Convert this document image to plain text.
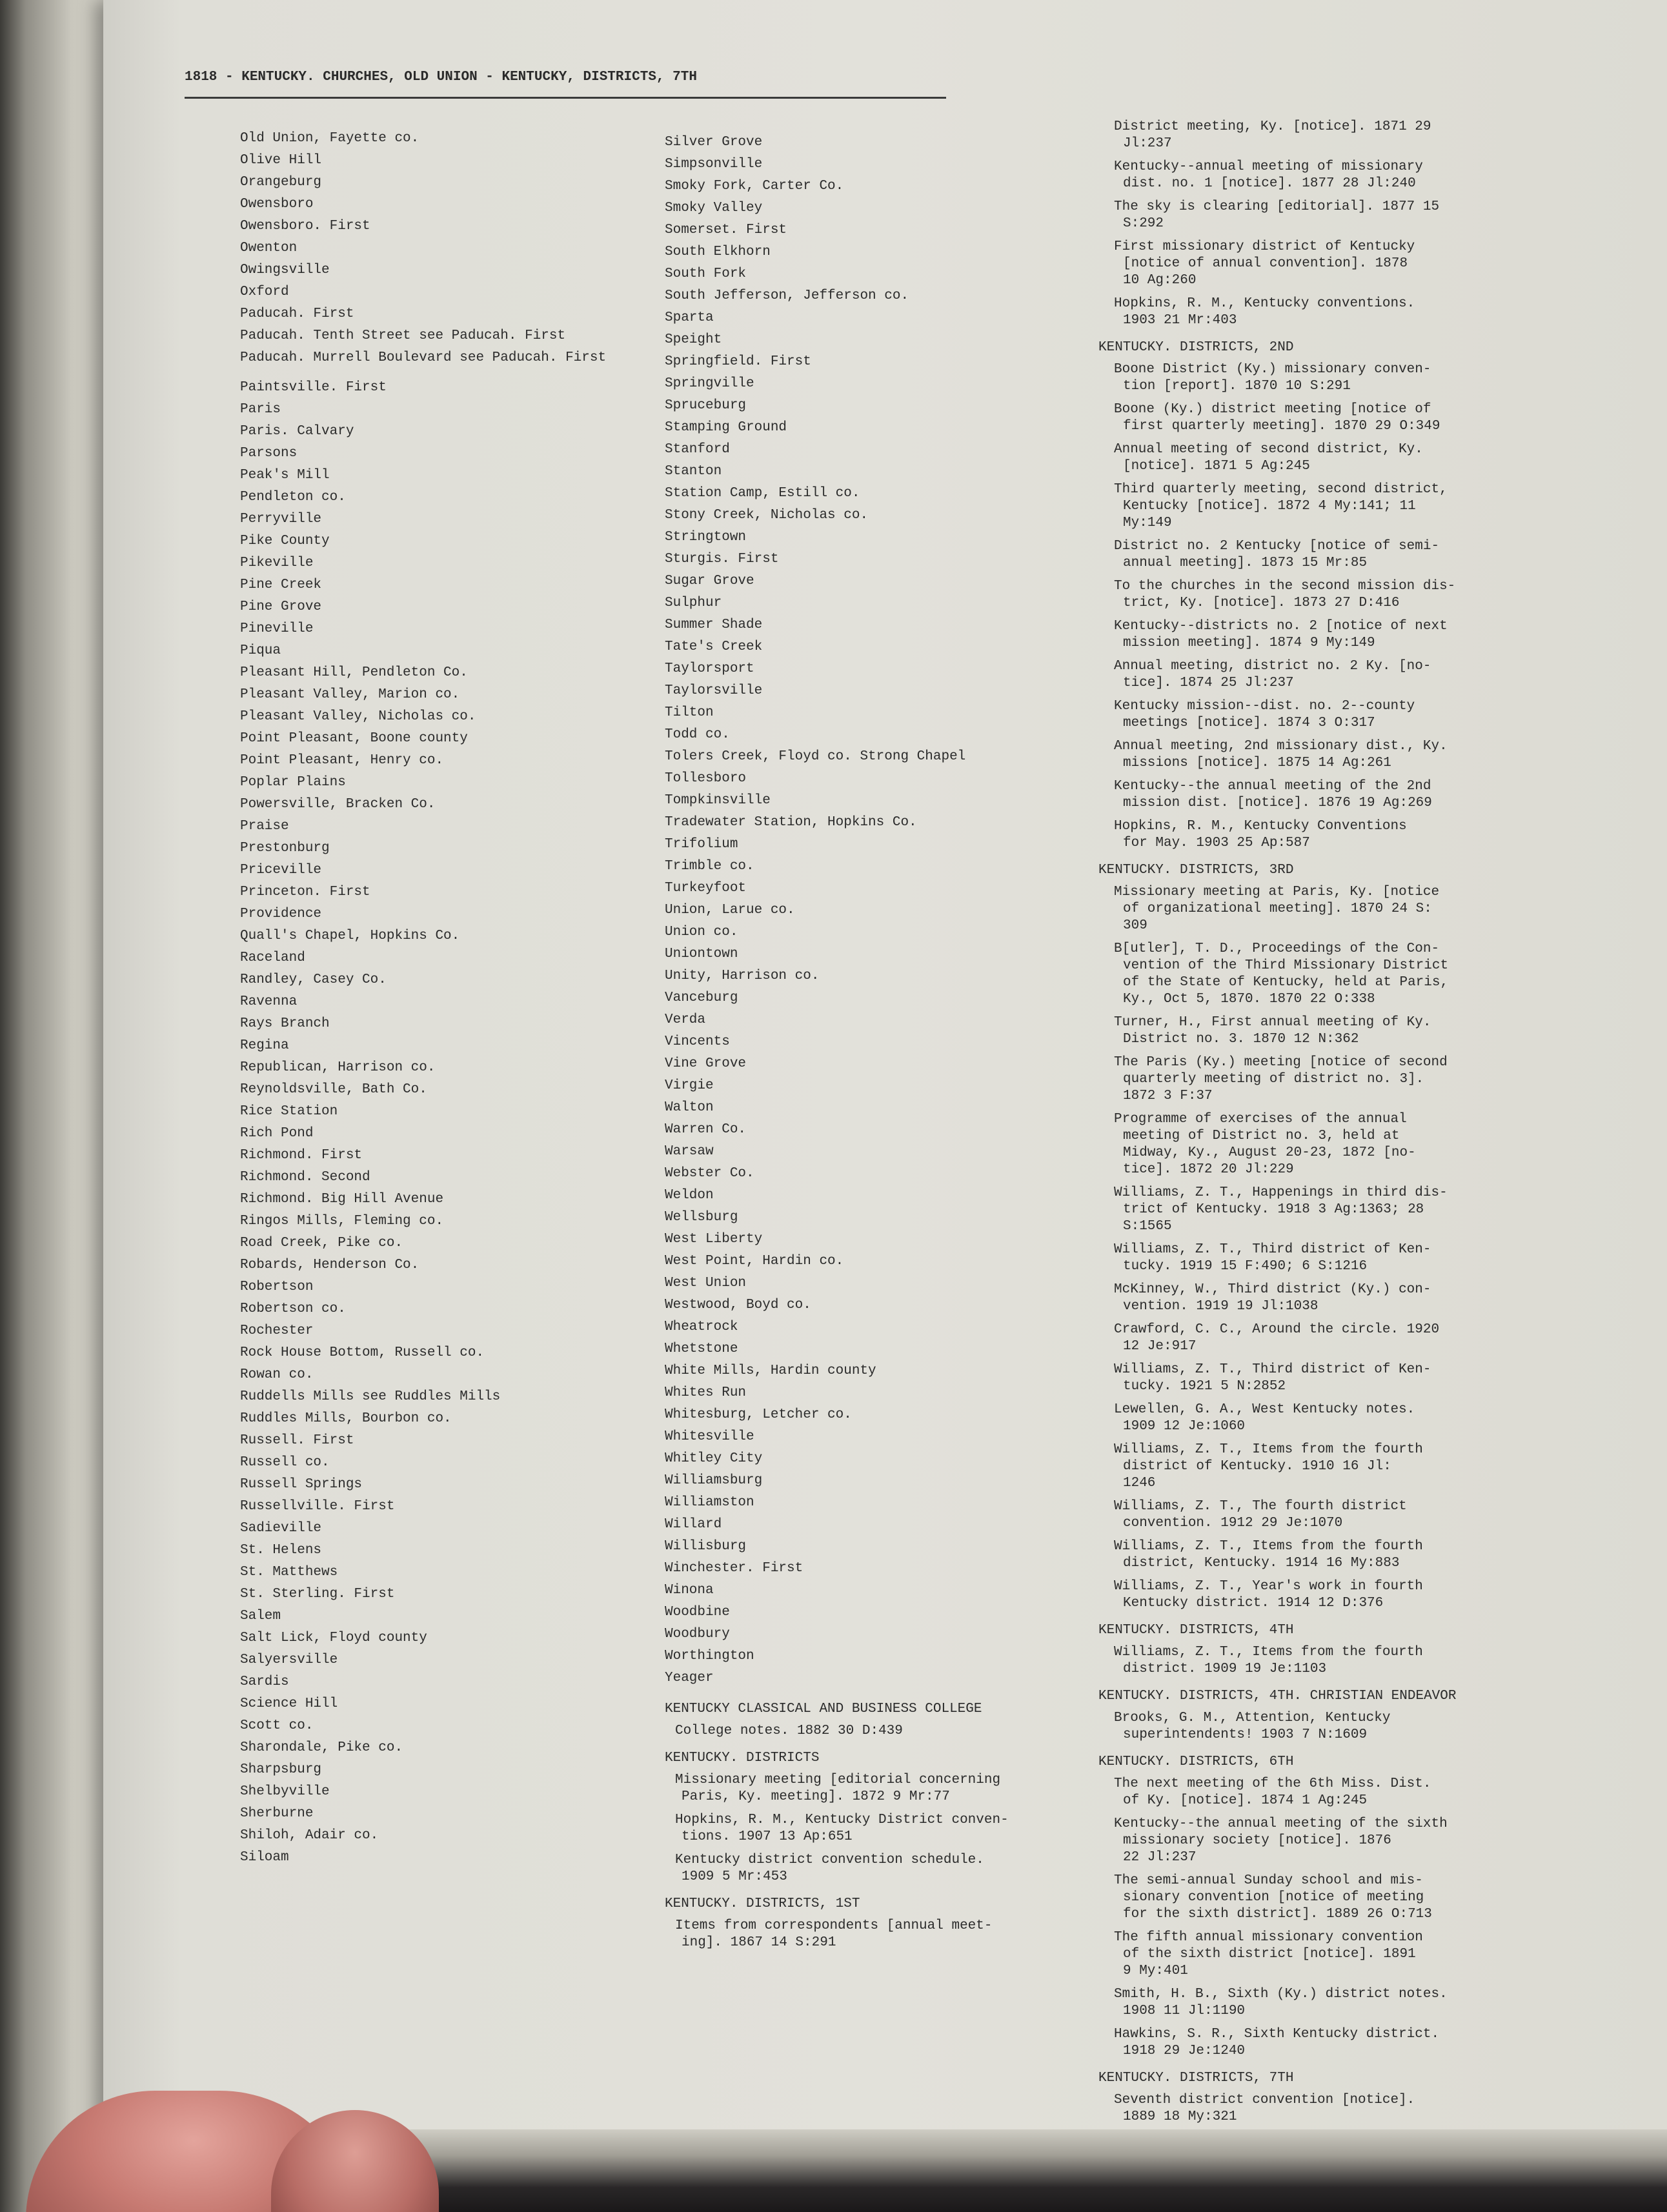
1818 - KENTUCKY. CHURCHES, OLD UNION - KENTUCKY, DISTRICTS, 7TH
Old Union, Fayette co.
Olive Hill
Orangeburg
Owensboro
Owensboro. First
Owenton
Owingsville
Oxford
Paducah. First
Paducah. Tenth Street see Paducah. First
Paducah. Murrell Boulevard see Paducah. First
Paintsville. First
Paris
Paris. Calvary
Parsons
Peak's Mill
Pendleton co.
Perryville
Pike County
Pikeville
Pine Creek
Pine Grove
Pineville
Piqua
Pleasant Hill, Pendleton Co.
Pleasant Valley, Marion co.
Pleasant Valley, Nicholas co.
Point Pleasant, Boone county
Point Pleasant, Henry co.
Poplar Plains
Powersville, Bracken Co.
Praise
Prestonburg
Priceville
Princeton. First
Providence
Quall's Chapel, Hopkins Co.
Raceland
Randley, Casey Co.
Ravenna
Rays Branch
Regina
Republican, Harrison co.
Reynoldsville, Bath Co.
Rice Station
Rich Pond
Richmond. First
Richmond. Second
Richmond. Big Hill Avenue
Ringos Mills, Fleming co.
Road Creek, Pike co.
Robards, Henderson Co.
Robertson
Robertson co.
Rochester
Rock House Bottom, Russell co.
Rowan co.
Ruddells Mills see Ruddles Mills
Ruddles Mills, Bourbon co.
Russell. First
Russell co.
Russell Springs
Russellville. First
Sadieville
St. Helens
St. Matthews
St. Sterling. First
Salem
Salt Lick, Floyd county
Salyersville
Sardis
Science Hill
Scott co.
Sharondale, Pike co.
Sharpsburg
Shelbyville
Sherburne
Shiloh, Adair co.
Siloam
Silver Grove
Simpsonville
Smoky Fork, Carter Co.
Smoky Valley
Somerset. First
South Elkhorn
South Fork
South Jefferson, Jefferson co.
Sparta
Speight
Springfield. First
Springville
Spruceburg
Stamping Ground
Stanford
Stanton
Station Camp, Estill co.
Stony Creek, Nicholas co.
Stringtown
Sturgis. First
Sugar Grove
Sulphur
Summer Shade
Tate's Creek
Taylorsport
Taylorsville
Tilton
Todd co.
Tolers Creek, Floyd co. Strong Chapel
Tollesboro
Tompkinsville
Tradewater Station, Hopkins Co.
Trifolium
Trimble co.
Turkeyfoot
Union, Larue co.
Union co.
Uniontown
Unity, Harrison co.
Vanceburg
Verda
Vincents
Vine Grove
Virgie
Walton
Warren Co.
Warsaw
Webster Co.
Weldon
Wellsburg
West Liberty
West Point, Hardin co.
West Union
Westwood, Boyd co.
Wheatrock
Whetstone
White Mills, Hardin county
Whites Run
Whitesburg, Letcher co.
Whitesville
Whitley City
Williamsburg
Williamston
Willard
Willisburg
Winchester. First
Winona
Woodbine
Woodbury
Worthington
Yeager
KENTUCKY CLASSICAL AND BUSINESS COLLEGE
College notes. 1882 30 D:439
KENTUCKY. DISTRICTS
Missionary meeting [editorial concerning
Paris, Ky. meeting]. 1872 9 Mr:77
Hopkins, R. M., Kentucky District conven-
tions. 1907 13 Ap:651
Kentucky district convention schedule.
1909 5 Mr:453
KENTUCKY. DISTRICTS, 1ST
Items from correspondents [annual meet-
ing]. 1867 14 S:291
District meeting, Ky. [notice]. 1871 29
Jl:237
Kentucky--annual meeting of missionary
dist. no. 1 [notice]. 1877 28 Jl:240
The sky is clearing [editorial]. 1877 15
S:292
First missionary district of Kentucky
[notice of annual convention]. 1878
10 Ag:260
Hopkins, R. M., Kentucky conventions.
1903 21 Mr:403
KENTUCKY. DISTRICTS, 2ND
Boone District (Ky.) missionary conven-
tion [report]. 1870 10 S:291
Boone (Ky.) district meeting [notice of
first quarterly meeting]. 1870 29 O:349
Annual meeting of second district, Ky.
[notice]. 1871 5 Ag:245
Third quarterly meeting, second district,
Kentucky [notice]. 1872 4 My:141; 11
My:149
District no. 2 Kentucky [notice of semi-
annual meeting]. 1873 15 Mr:85
To the churches in the second mission dis-
trict, Ky. [notice]. 1873 27 D:416
Kentucky--districts no. 2 [notice of next
mission meeting]. 1874 9 My:149
Annual meeting, district no. 2 Ky. [no-
tice]. 1874 25 Jl:237
Kentucky mission--dist. no. 2--county
meetings [notice]. 1874 3 O:317
Annual meeting, 2nd missionary dist., Ky.
missions [notice]. 1875 14 Ag:261
Kentucky--the annual meeting of the 2nd
mission dist. [notice]. 1876 19 Ag:269
Hopkins, R. M., Kentucky Conventions
for May. 1903 25 Ap:587
KENTUCKY. DISTRICTS, 3RD
Missionary meeting at Paris, Ky. [notice
of organizational meeting]. 1870 24 S:
309
B[utler], T. D., Proceedings of the Con-
vention of the Third Missionary District
of the State of Kentucky, held at Paris,
Ky., Oct 5, 1870. 1870 22 O:338
Turner, H., First annual meeting of Ky.
District no. 3. 1870 12 N:362
The Paris (Ky.) meeting [notice of second
quarterly meeting of district no. 3].
1872 3 F:37
Programme of exercises of the annual
meeting of District no. 3, held at
Midway, Ky., August 20-23, 1872 [no-
tice]. 1872 20 Jl:229
Williams, Z. T., Happenings in third dis-
trict of Kentucky. 1918 3 Ag:1363; 28
S:1565
Williams, Z. T., Third district of Ken-
tucky. 1919 15 F:490; 6 S:1216
McKinney, W., Third district (Ky.) con-
vention. 1919 19 Jl:1038
Crawford, C. C., Around the circle. 1920
12 Je:917
Williams, Z. T., Third district of Ken-
tucky. 1921 5 N:2852
Lewellen, G. A., West Kentucky notes.
1909 12 Je:1060
Williams, Z. T., Items from the fourth
district of Kentucky. 1910 16 Jl:
1246
Williams, Z. T., The fourth district
convention. 1912 29 Je:1070
Williams, Z. T., Items from the fourth
district, Kentucky. 1914 16 My:883
Williams, Z. T., Year's work in fourth
Kentucky district. 1914 12 D:376
KENTUCKY. DISTRICTS, 4TH
Williams, Z. T., Items from the fourth
district. 1909 19 Je:1103
KENTUCKY. DISTRICTS, 4TH. CHRISTIAN ENDEAVOR
Brooks, G. M., Attention, Kentucky
superintendents! 1903 7 N:1609
KENTUCKY. DISTRICTS, 6TH
The next meeting of the 6th Miss. Dist.
of Ky. [notice]. 1874 1 Ag:245
Kentucky--the annual meeting of the sixth
missionary society [notice]. 1876
22 Jl:237
The semi-annual Sunday school and mis-
sionary convention [notice of meeting
for the sixth district]. 1889 26 O:713
The fifth annual missionary convention
of the sixth district [notice]. 1891
9 My:401
Smith, H. B., Sixth (Ky.) district notes.
1908 11 Jl:1190
Hawkins, S. R., Sixth Kentucky district.
1918 29 Je:1240
KENTUCKY. DISTRICTS, 7TH
Seventh district convention [notice].
1889 18 My:321
